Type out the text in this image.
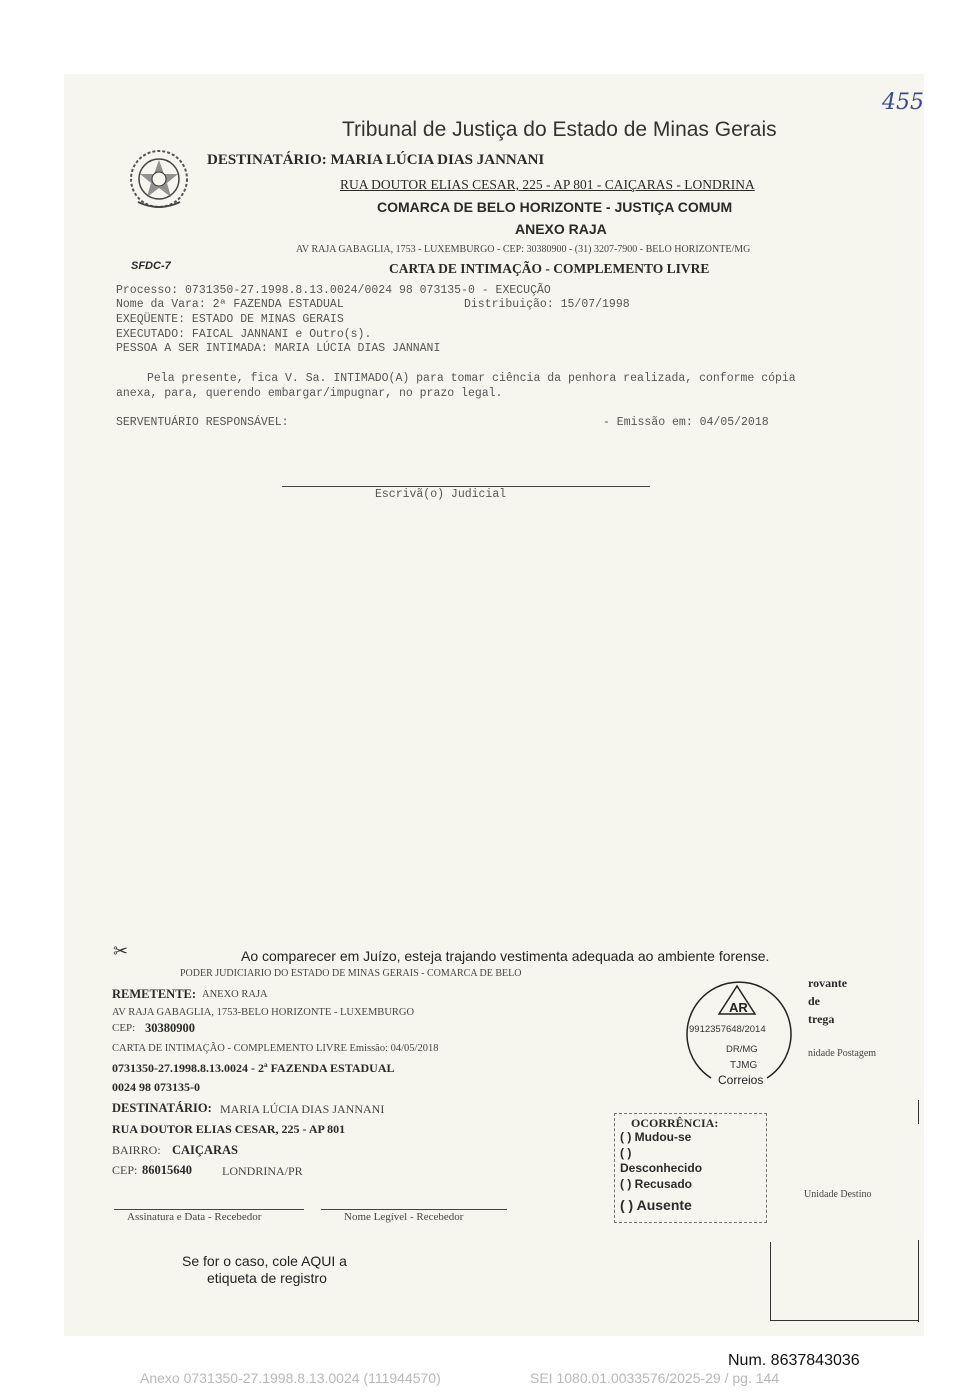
455
Tribunal de Justiça do Estado de Minas Gerais
DESTINATÁRIO: MARIA LÚCIA DIAS JANNANI
RUA DOUTOR ELIAS CESAR, 225 - AP 801 - CAIÇARAS - LONDRINA
COMARCA DE BELO HORIZONTE - JUSTIÇA COMUM
ANEXO RAJA
AV RAJA GABAGLIA, 1753 - LUXEMBURGO - CEP: 30380900 - (31) 3207-7900 - BELO HORIZONTE/MG
SFDC-7	CARTA DE INTIMAÇÃO - COMPLEMENTO LIVRE
Processo: 0731350-27.1998.8.13.0024/0024 98 073135-0 - EXECUÇÃO
Nome da Vara: 2ª FAZENDA ESTADUAL	Distribuição: 15/07/1998
EXEQÜENTE: ESTADO DE MINAS GERAIS
EXECUTADO: FAICAL JANNANI e Outro(s).
PESSOA A SER INTIMADA: MARIA LÚCIA DIAS JANNANI
Pela presente, fica V. Sa. INTIMADO(A) para tomar ciência da penhora realizada, conforme cópia
anexa, para, querendo embargar/impugnar, no prazo legal.
SERVENTUÁRIO RESPONSÁVEL:	- Emissão em: 04/05/2018
Escrivã(o) Judicial
✂	Ao comparecer em Juízo, esteja trajando vestimenta adequada ao ambiente forense.
PODER JUDICIARIO DO ESTADO DE MINAS GERAIS - COMARCA DE BELO
REMETENTE: ANEXO RAJA
AV RAJA GABAGLIA, 1753-BELO HORIZONTE - LUXEMBURGO
CEP: 30380900
CARTA DE INTIMAÇÃO - COMPLEMENTO LIVRE Emissão: 04/05/2018
0731350-27.1998.8.13.0024 - 2ª FAZENDA ESTADUAL
0024 98 073135-0
DESTINATÁRIO: MARIA LÚCIA DIAS JANNANI
RUA DOUTOR ELIAS CESAR, 225 - AP 801
BAIRRO: CAIÇARAS
CEP: 86015640	LONDRINA/PR
Assinatura e Data - Recebedor	Nome Legível - Recebedor
Se for o caso, cole AQUI a
etiqueta de registro
AR
9912357648/2014
DR/MG
TJMG
Correios
rovante
de
trega
nidade Postagem
Unidade Destino
OCORRÊNCIA:
( ) Mudou-se
( )
Desconhecido
( ) Recusado
( ) Ausente
Num. 8637843036
Anexo 0731350-27.1998.8.13.0024 (111944570)	SEI 1080.01.0033576/2025-29 / pg. 144
